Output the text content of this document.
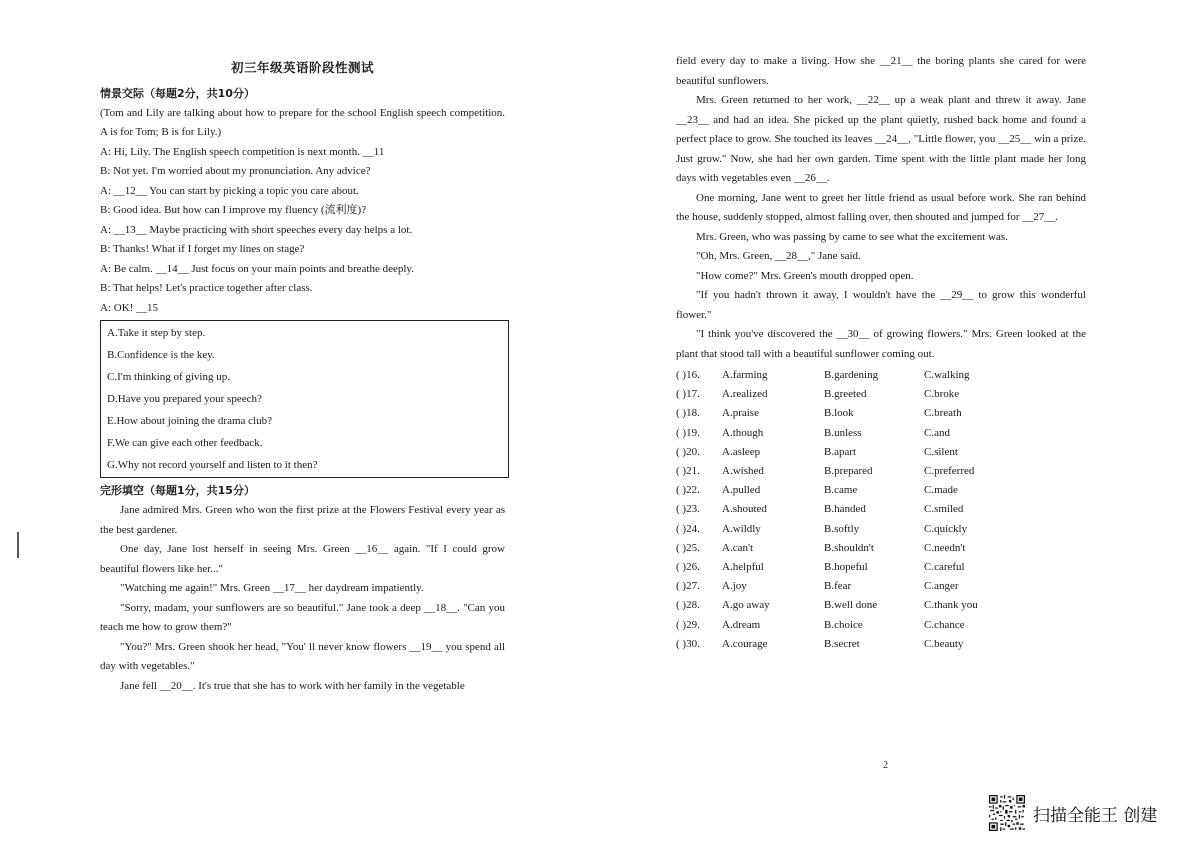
初三年级英语阶段性测试

情景交际（每题2分，共10分）

(Tom and Lily are talking about how to prepare for the school English speech competition. A is for Tom; B is for Lily.)

A: Hi, Lily. The English speech competition is next month. __11

B: Not yet. I'm worried about my pronunciation. Any advice?

A: __12__ You can start by picking a topic you care about.

B: Good idea. But how can I improve my fluency (流利度)?

A: __13__ Maybe practicing with short speeches every day helps a lot.

B: Thanks! What if I forget my lines on stage?

A: Be calm. __14__ Just focus on your main points and breathe deeply.

B: That helps! Let's practice together after class.

A: OK! __15

A.Take it step by step.

B.Confidence is the key.

C.I'm thinking of giving up.

D.Have you prepared your speech?

E.How about joining the drama club?

F.We can give each other feedback.

G.Why not record yourself and listen to it then?

完形填空（每题1分，共15分）

Jane admired Mrs. Green who won the first prize at the Flowers Festival every year as the best gardener.

One day, Jane lost herself in seeing Mrs. Green __16__ again. "If I could grow beautiful flowers like her..."

"Watching me again!" Mrs. Green __17__ her daydream impatiently.

"Sorry, madam, your sunflowers are so beautiful." Jane took a deep __18__. "Can you teach me how to grow them?"

"You?" Mrs. Green shook her head, "You' ll never know flowers __19__ you spend all day with vegetables."

Jane fell __20__. It's true that she has to work with her family in the vegetable

field every day to make a living. How she __21__ the boring plants she cared for were beautiful sunflowers.

Mrs. Green returned to her work, __22__ up a weak plant and threw it away. Jane __23__ and had an idea. She picked up the plant quietly, rushed back home and found a perfect place to grow. She touched its leaves __24__, "Little flower, you __25__ win a prize. Just grow." Now, she had her own garden. Time spent with the little plant made her long days with vegetables even __26__.

One morning, Jane went to greet her little friend as usual before work. She ran behind the house, suddenly stopped, almost falling over, then shouted and jumped for __27__.

Mrs. Green, who was passing by came to see what the excitement was.

"Oh, Mrs. Green, __28__," Jane said.

"How come?" Mrs. Green's mouth dropped open.

"If you hadn't thrown it away, I wouldn't have the __29__ to grow this wonderful flower."

"I think you've discovered the __30__ of growing flowers." Mrs. Green looked at the plant that stood tall with a beautiful sunflower coming out.

( )16.	A.farming	B.gardening	C.walking
( )17.	A.realized	B.greeted	C.broke
( )18.	A.praise	B.look	C.breath
( )19.	A.though	B.unless	C.and
( )20.	A.asleep	B.apart	C.silent
( )21.	A.wished	B.prepared	C.preferred
( )22.	A.pulled	B.came	C.made
( )23.	A.shouted	B.handed	C.smiled
( )24.	A.wildly	B.softly	C.quickly
( )25.	A.can't	B.shouldn't	C.needn't
( )26.	A.helpful	B.hopeful	C.careful
( )27.	A.joy	B.fear	C.anger
( )28.	A.go away	B.well done	C.thank you
( )29.	A.dream	B.choice	C.chance
( )30.	A.courage	B.secret	C.beauty
2
扫描全能王 创建
